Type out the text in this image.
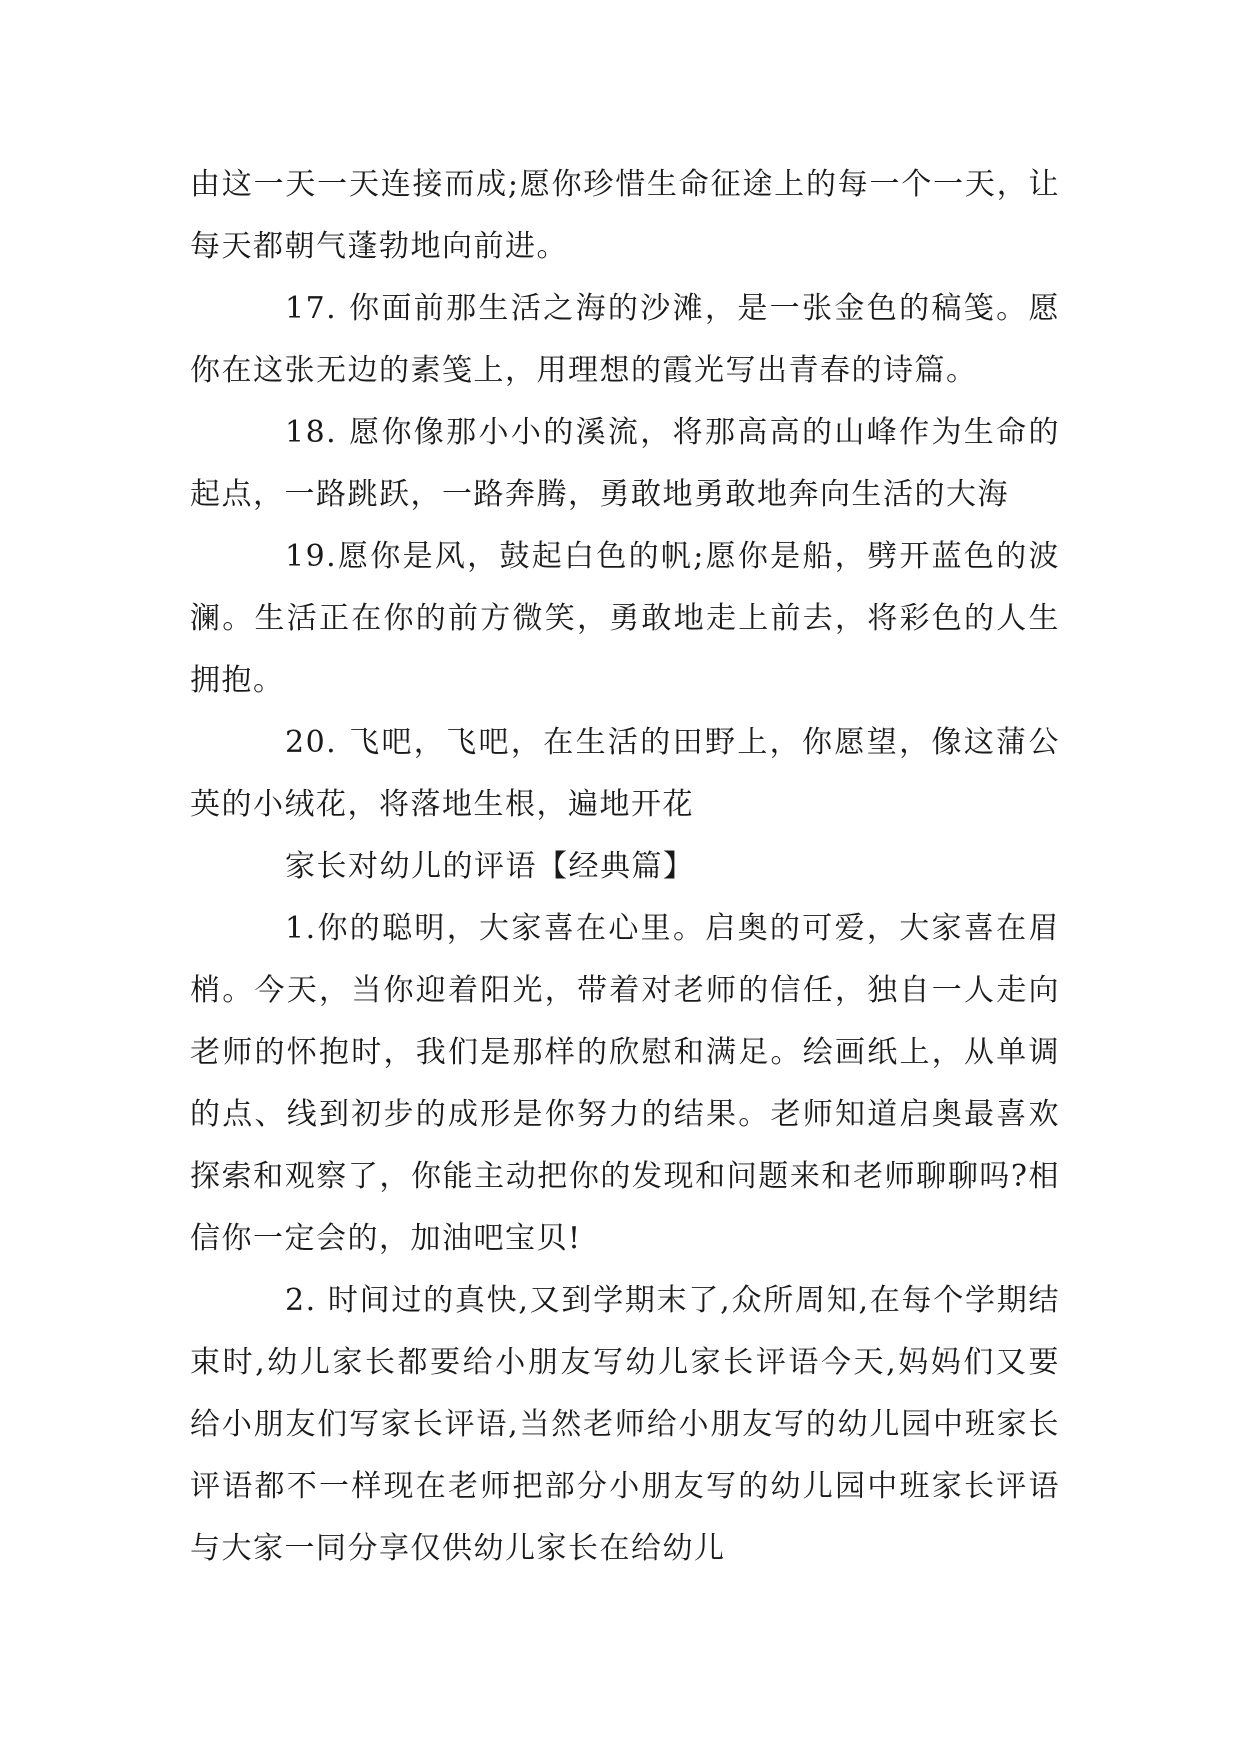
由这一天一天连接而成;愿你珍惜生命征途上的每一个一天，让每天都朝气蓬勃地向前进。

17. 你面前那生活之海的沙滩，是一张金色的稿笺。愿你在这张无边的素笺上，用理想的霞光写出青春的诗篇。

18. 愿你像那小小的溪流，将那高高的山峰作为生命的起点，一路跳跃，一路奔腾，勇敢地勇敢地奔向生活的大海

19.愿你是风，鼓起白色的帆;愿你是船，劈开蓝色的波澜。生活正在你的前方微笑，勇敢地走上前去，将彩色的人生拥抱。

20. 飞吧，飞吧，在生活的田野上，你愿望，像这蒲公英的小绒花，将落地生根，遍地开花

家长对幼儿的评语【经典篇】

1.你的聪明，大家喜在心里。启奥的可爱，大家喜在眉梢。今天，当你迎着阳光，带着对老师的信任，独自一人走向老师的怀抱时，我们是那样的欣慰和满足。绘画纸上，从单调的点、线到初步的成形是你努力的结果。老师知道启奥最喜欢探索和观察了，你能主动把你的发现和问题来和老师聊聊吗?相信你一定会的，加油吧宝贝!

2. 时间过的真快,又到学期末了,众所周知,在每个学期结束时,幼儿家长都要给小朋友写幼儿家长评语今天,妈妈们又要给小朋友们写家长评语,当然老师给小朋友写的幼儿园中班家长评语都不一样现在老师把部分小朋友写的幼儿园中班家长评语与大家一同分享仅供幼儿家长在给幼儿
